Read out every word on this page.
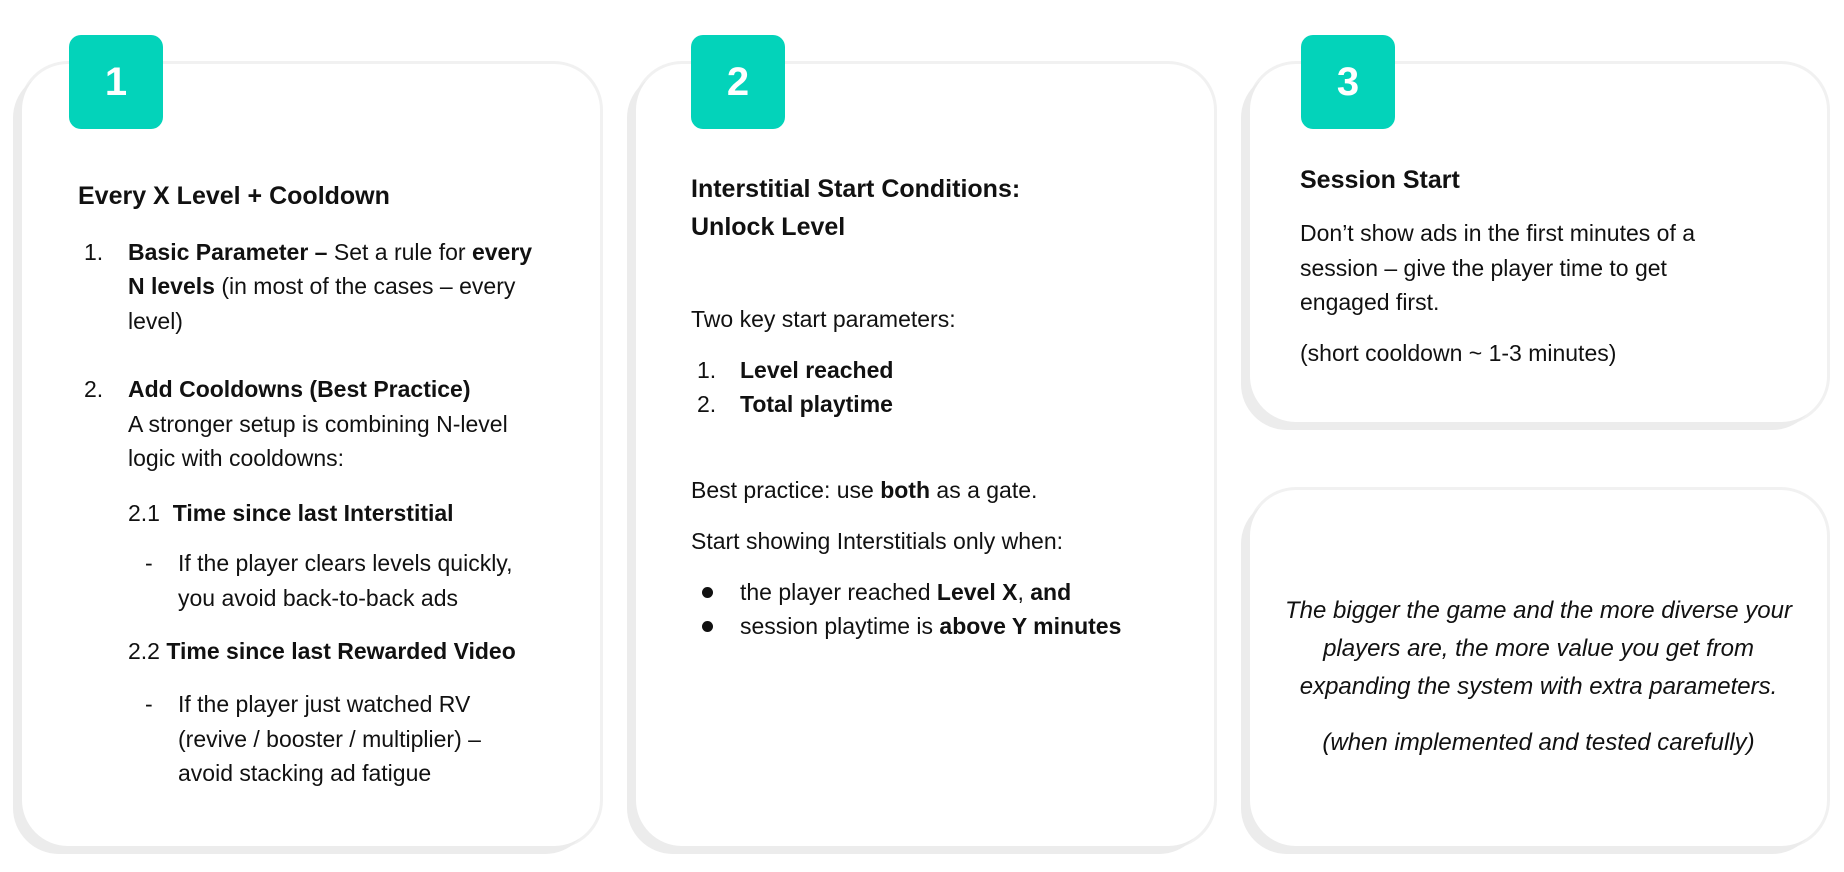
1	2	3
Every X Level + Cooldown
1. Basic Parameter – Set a rule for every
N levels (in most of the cases – every
level)
2. Add Cooldowns (Best Practice)
A stronger setup is combining N-level
logic with cooldowns:
2.1 Time since last Interstitial
- If the player clears levels quickly,
you avoid back-to-back ads
2.2 Time since last Rewarded Video
- If the player just watched RV
(revive / booster / multiplier) –
avoid stacking ad fatigue
Interstitial Start Conditions:
Unlock Level
Two key start parameters:
1. Level reached
2. Total playtime
Best practice: use both as a gate.
Start showing Interstitials only when:
the player reached Level X, and
session playtime is above Y minutes
Session Start
Don’t show ads in the first minutes of a
session – give the player time to get
engaged first.
(short cooldown ~ 1-3 minutes)
The bigger the game and the more diverse your
players are, the more value you get from
expanding the system with extra parameters.
(when implemented and tested carefully)
